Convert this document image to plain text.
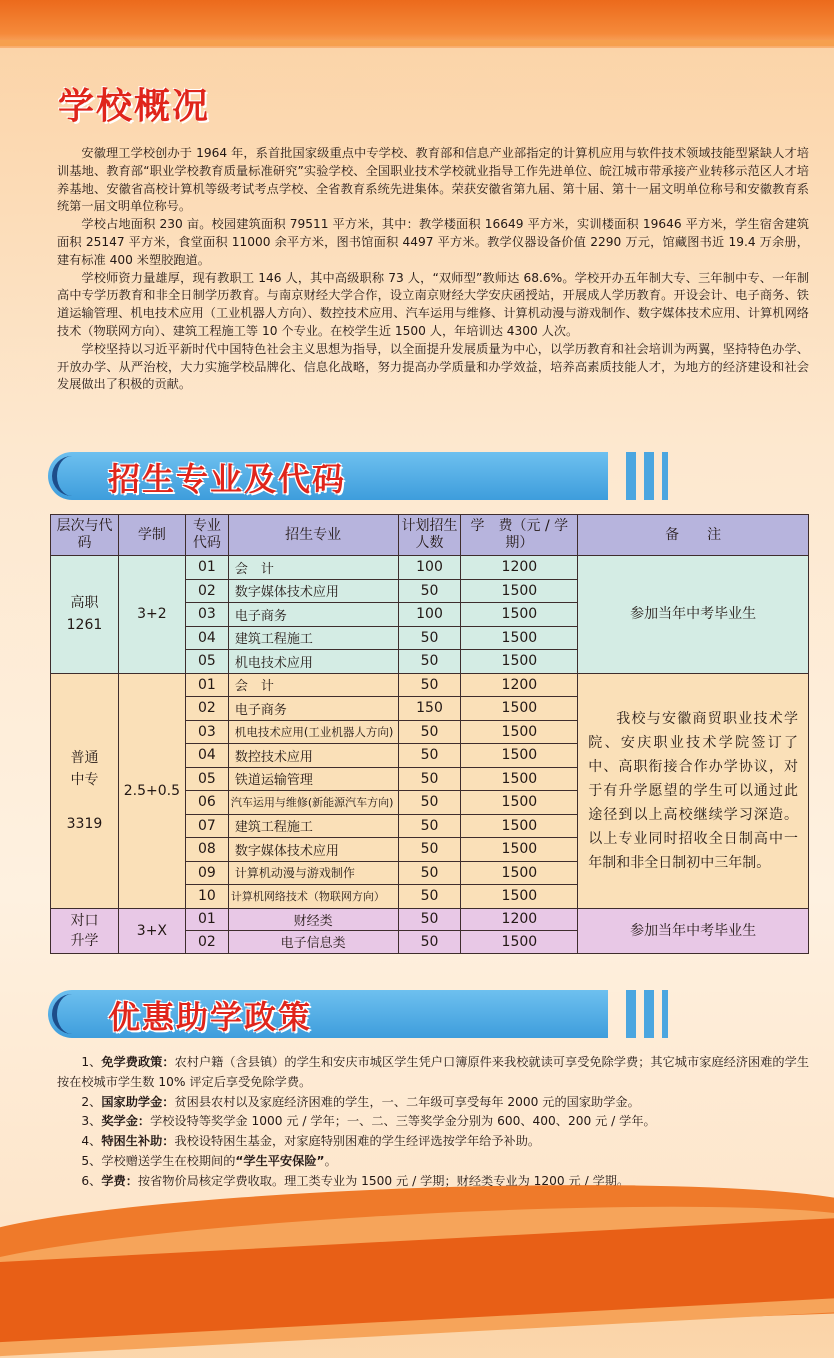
学校概况

安徽理工学校创办于 1964 年，系首批国家级重点中专学校、教育部和信息产业部指定的计算机应用与软件技术领域技能型紧缺人才培训基地、教育部“职业学校教育质量标准研究”实验学校、全国职业技术学校就业指导工作先进单位、皖江城市带承接产业转移示范区人才培养基地、安徽省高校计算机等级考试考点学校、全省教育系统先进集体。荣获安徽省第九届、第十届、第十一届文明单位称号和安徽教育系统第一届文明单位称号。

学校占地面积 230 亩。校园建筑面积 79511 平方米，其中：教学楼面积 16649 平方米，实训楼面积 19646 平方米，学生宿舍建筑面积 25147 平方米，食堂面积 11000 余平方米，图书馆面积 4497 平方米。教学仪器设备价值 2290 万元，馆藏图书近 19.4 万余册，建有标准 400 米塑胶跑道。

学校师资力量雄厚，现有教职工 146 人，其中高级职称 73 人，“双师型”教师达 68.6%。学校开办五年制大专、三年制中专、一年制高中专学历教育和非全日制学历教育。与南京财经大学合作，设立南京财经大学安庆函授站，开展成人学历教育。开设会计、电子商务、铁道运输管理、机电技术应用（工业机器人方向）、数控技术应用、汽车运用与维修、计算机动漫与游戏制作、数字媒体技术应用、计算机网络技术（物联网方向）、建筑工程施工等 10 个专业。在校学生近 1500 人，年培训达 4300 人次。

学校坚持以习近平新时代中国特色社会主义思想为指导，以全面提升发展质量为中心，以学历教育和社会培训为两翼，坚持特色办学、开放办学、从严治校，大力实施学校品牌化、信息化战略，努力提高办学质量和办学效益，培养高素质技能人才，为地方的经济建设和社会发展做出了积极的贡献。

招生专业及代码
层次与代码	学制	专业代码	招生专业	计划招生人数	学　费（元 / 学期）	备　　注

高职
1261	3+2	01	会　计	100	1200	参加当年中考毕业生
		02	数字媒体技术应用	50	1500	
		03	电子商务	100	1500	
		04	建筑工程施工	50	1500	
		05	机电技术应用	50	1500	

普通中专
3319	2.5+0.5	01	会　计	50	1200	我校与安徽商贸职业技术学院、安庆职业技术学院签订了中、高职衔接合作办学协议，对于有升学愿望的学生可以通过此途径到以上高校继续学习深造。以上专业同时招收全日制高中一年制和非全日制初中三年制。
		02	电子商务	150	1500	
		03	机电技术应用(工业机器人方向)	50	1500	
		04	数控技术应用	50	1500	
		05	铁道运输管理	50	1500	
		06	汽车运用与维修(新能源汽车方向)	50	1500	
		07	建筑工程施工	50	1500	
		08	数字媒体技术应用	50	1500	
		09	计算机动漫与游戏制作	50	1500	
		10	计算机网络技术（物联网方向）	50	1500	

对口升学	3+X	01	财经类	50	1200	参加当年中考毕业生
		02	电子信息类	50	1500	
优惠助学政策

1、免学费政策：农村户籍（含县镇）的学生和安庆市城区学生凭户口簿原件来我校就读可享受免除学费；其它城市家庭经济困难的学生按在校城市学生数 10% 评定后享受免除学费。

2、国家助学金：贫困县农村以及家庭经济困难的学生，一、二年级可享受每年 2000 元的国家助学金。

3、奖学金：学校设特等奖学金 1000 元 / 学年；一、二、三等奖学金分别为 600、400、200 元 / 学年。

4、特困生补助：我校设特困生基金，对家庭特别困难的学生经评选按学年给予补助。

5、学校赠送学生在校期间的“学生平安保险”。

6、学费：按省物价局核定学费收取。理工类专业为 1500 元 / 学期；财经类专业为 1200 元 / 学期。
